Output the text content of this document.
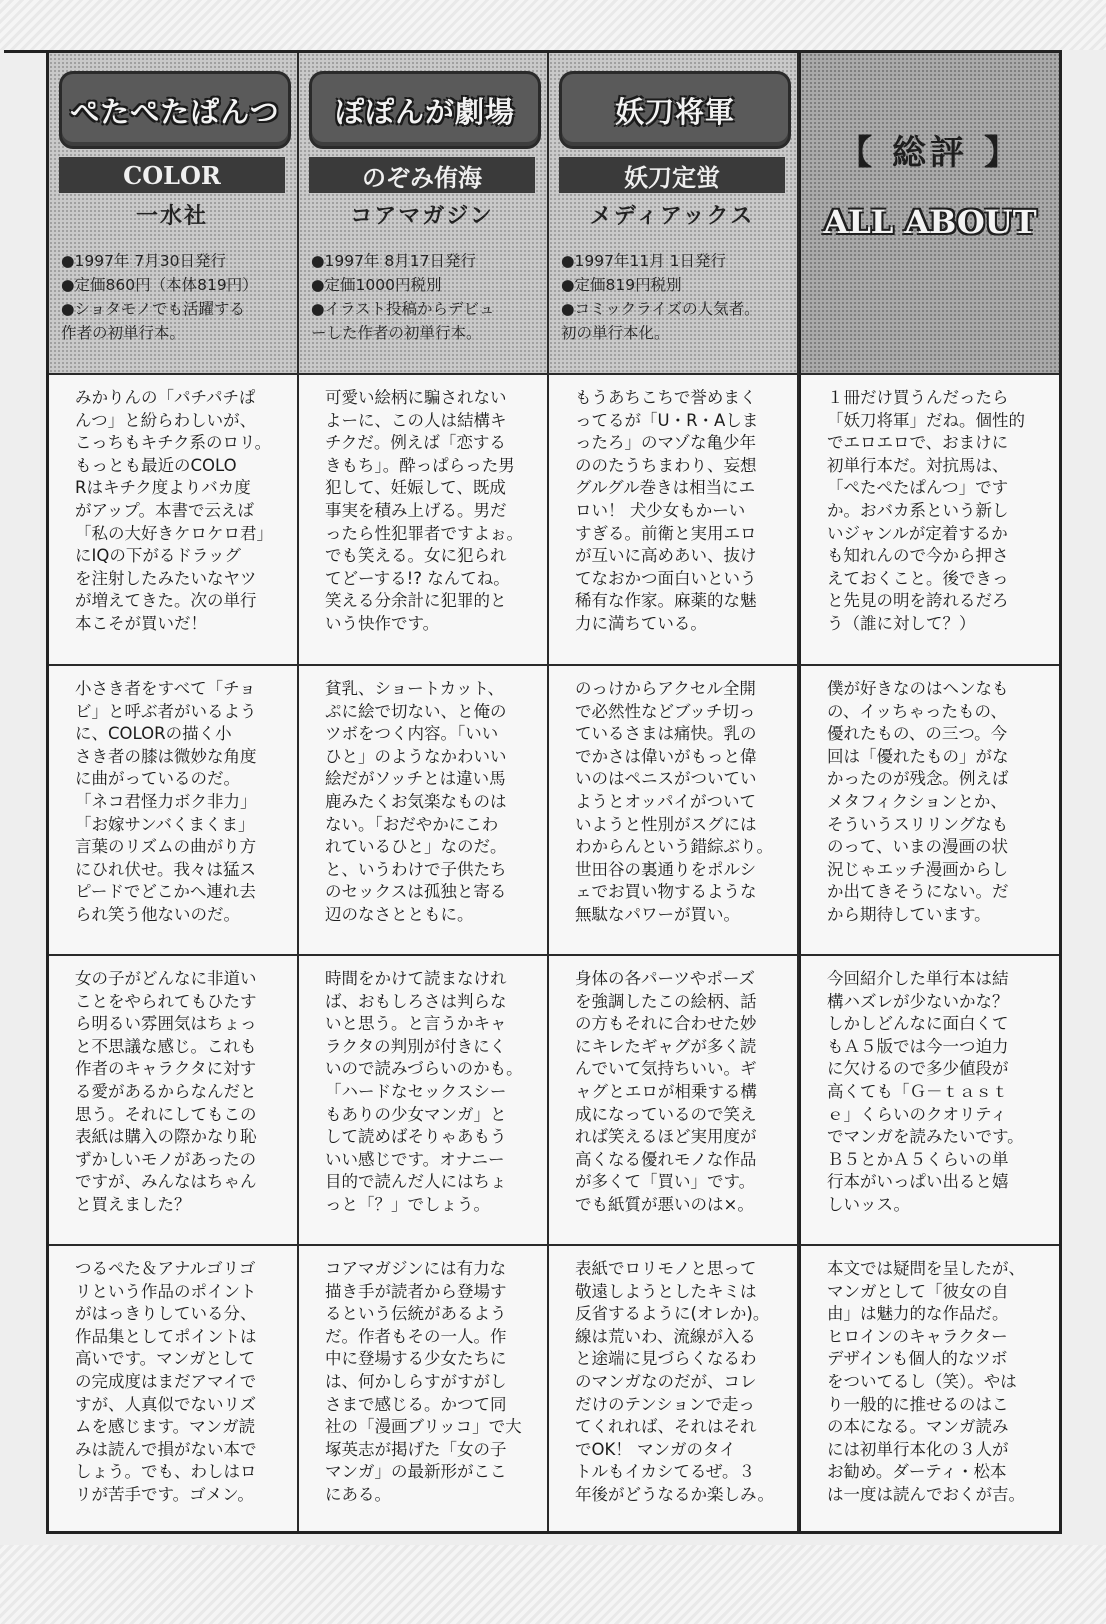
ぺたぺたぱんつ
COLOR
一水社
●1997年 7月30日発行
●定価860円（本体819円）
●ショタモノでも活躍する
作者の初単行本。
ぽぽんが劇場
のぞみ侑海
コアマガジン
●1997年 8月17日発行
●定価1000円税別
●イラスト投稿からデビュ
ーした作者の初単行本。
妖刀将軍
妖刀定蛍
メディアックス
●1997年11月 1日発行
●定価819円税別
●コミックライズの人気者。
初の単行本化。
【 総評 】
ALL ABOUT
みかりんの「パチパチぱ
んつ」と紛らわしいが、
こっちもキチク系のロリ。
もっとも最近のCOLO
Rはキチク度よりバカ度
がアップ。本書で云えば
「私の大好きケロケロ君」
にIQの下がるドラッグ
を注射したみたいなヤツ
が増えてきた。次の単行
本こそが買いだ！
可愛い絵柄に騙されない
よーに、この人は結構キ
チクだ。例えば「恋する
きもち」。酔っぱらった男
犯して、妊娠して、既成
事実を積み上げる。男だ
ったら性犯罪者ですよぉ。
でも笑える。女に犯られ
てどーする!? なんてね。
笑える分余計に犯罪的と
いう快作です。
もうあちこちで誉めまく
ってるが「U・R・Aしま
ったろ」のマゾな亀少年
ののたうちまわり、妄想
グルグル巻きは相当にエ
ロい！ 犬少女もかーい
すぎる。前衛と実用エロ
が互いに高めあい、抜け
てなおかつ面白いという
稀有な作家。麻薬的な魅
力に満ちている。
１冊だけ買うんだったら
「妖刀将軍」だね。個性的
でエロエロで、おまけに
初単行本だ。対抗馬は、
「ぺたぺたぱんつ」です
か。おバカ系という新し
いジャンルが定着するか
も知れんので今から押さ
えておくこと。後できっ
と先見の明を誇れるだろ
う（誰に対して？）
小さき者をすべて「チョ
ビ」と呼ぶ者がいるよう
に、COLORの描く小
さき者の膝は微妙な角度
に曲がっているのだ。
「ネコ君怪力ボク非力」
「お嫁サンバくまくま」
言葉のリズムの曲がり方
にひれ伏せ。我々は猛ス
ピードでどこかへ連れ去
られ笑う他ないのだ。
貧乳、ショートカット、
ぷに絵で切ない、と俺の
ツボをつく内容。「いい
ひと」のようなかわいい
絵だがソッチとは違い馬
鹿みたくお気楽なものは
ない。「おだやかにこわ
れているひと」なのだ。
と、いうわけで子供たち
のセックスは孤独と寄る
辺のなさとともに。
のっけからアクセル全開
で必然性などブッチ切っ
ているさまは痛快。乳の
でかさは偉いがもっと偉
いのはペニスがついてい
ようとオッパイがついて
いようと性別がスグには
わからんという錯綜ぶり。
世田谷の裏通りをポルシ
ェでお買い物するような
無駄なパワーが買い。
僕が好きなのはヘンなも
の、イッちゃったもの、
優れたもの、の三つ。今
回は「優れたもの」がな
かったのが残念。例えば
メタフィクションとか、
そういうスリリングなも
のって、いまの漫画の状
況じゃエッチ漫画からし
か出てきそうにない。だ
から期待しています。
女の子がどんなに非道い
ことをやられてもひたす
ら明るい雰囲気はちょっ
と不思議な感じ。これも
作者のキャラクタに対す
る愛があるからなんだと
思う。それにしてもこの
表紙は購入の際かなり恥
ずかしいモノがあったの
ですが、みんなはちゃん
と買えました？
時間をかけて読まなけれ
ば、おもしろさは判らな
いと思う。と言うかキャ
ラクタの判別が付きにく
いので読みづらいのかも。
「ハードなセックスシー
もありの少女マンガ」と
して読めばそりゃあもう
いい感じです。オナニー
目的で読んだ人にはちょ
っと「？」でしょう。
身体の各パーツやポーズ
を強調したこの絵柄、話
の方もそれに合わせた妙
にキレたギャグが多く読
んでいて気持ちいい。ギ
ャグとエロが相乗する構
成になっているので笑え
れば笑えるほど実用度が
高くなる優れモノな作品
が多くて「買い」です。
でも紙質が悪いのは×。
今回紹介した単行本は結
構ハズレが少ないかな？
しかしどんなに面白くて
もＡ５版では今一つ迫力
に欠けるので多少値段が
高くても「Ｇ－ｔａｓｔ
ｅ」くらいのクオリティ
でマンガを読みたいです。
Ｂ５とかＡ５くらいの単
行本がいっぱい出ると嬉
しいッス。
つるぺた＆アナルゴリゴ
リという作品のポイント
がはっきりしている分、
作品集としてポイントは
高いです。マンガとして
の完成度はまだアマイで
すが、人真似でないリズ
ムを感じます。マンガ読
みは読んで損がない本で
しょう。でも、わしはロ
リが苦手です。ゴメン。
コアマガジンには有力な
描き手が読者から登場す
るという伝統があるよう
だ。作者もその一人。作
中に登場する少女たちに
は、何かしらすがすがし
さまで感じる。かつて同
社の「漫画ブリッコ」で大
塚英志が掲げた「女の子
マンガ」の最新形がここ
にある。
表紙でロリモノと思って
敬遠しようとしたキミは
反省するように(オレか)。
線は荒いわ、流線が入る
と途端に見づらくなるわ
のマンガなのだが、コレ
だけのテンションで走っ
てくれれば、それはそれ
でOK！ マンガのタイ
トルもイカシてるぜ。３
年後がどうなるか楽しみ。
本文では疑問を呈したが、
マンガとして「彼女の自
由」は魅力的な作品だ。
ヒロインのキャラクター
デザインも個人的なツボ
をついてるし（笑）。やは
り一般的に推せるのはこ
の本になる。マンガ読み
には初単行本化の３人が
お勧め。ダーティ・松本
は一度は読んでおくが吉。
